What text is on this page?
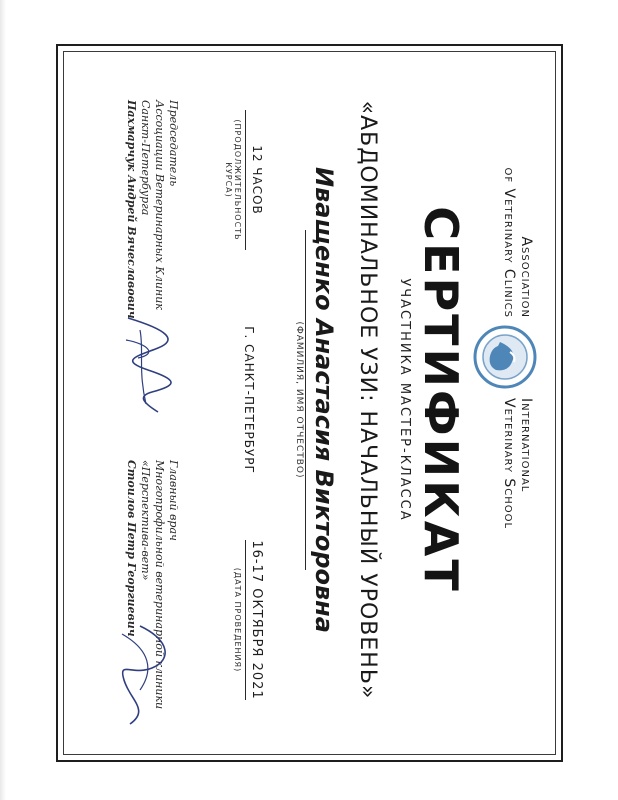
Association
of Veterinary Clinics
International
Veterinary School
СЕРТИФИКАТ
УЧАСТНИКА МАСТЕР-КЛАССА
«АБДОМИНАЛЬНОЕ УЗИ: НАЧАЛЬНЫЙ УРОВЕНЬ»
Иващенко Анастасия Викторовна
(ФАМИЛИЯ, ИМЯ ОТЧЕСТВО)
12 ЧАСОВ
(ПРОДОЛЖИТЕЛЬНОСТЬ КУРСА)
Г. САНКТ-ПЕТЕРБУРГ
16-17 ОКТЯБРЯ 2021
(ДАТА ПРОВЕДЕНИЯ)
Председатель
Ассоциации Ветеринарных Клиник
Санкт-Петербурга
Пахмарчук Андрей Вячеславович
Главный врач
Многопрофильной ветеринарной клиники
«Перспектива-вет»
Стоилов Петр Георгиевич
